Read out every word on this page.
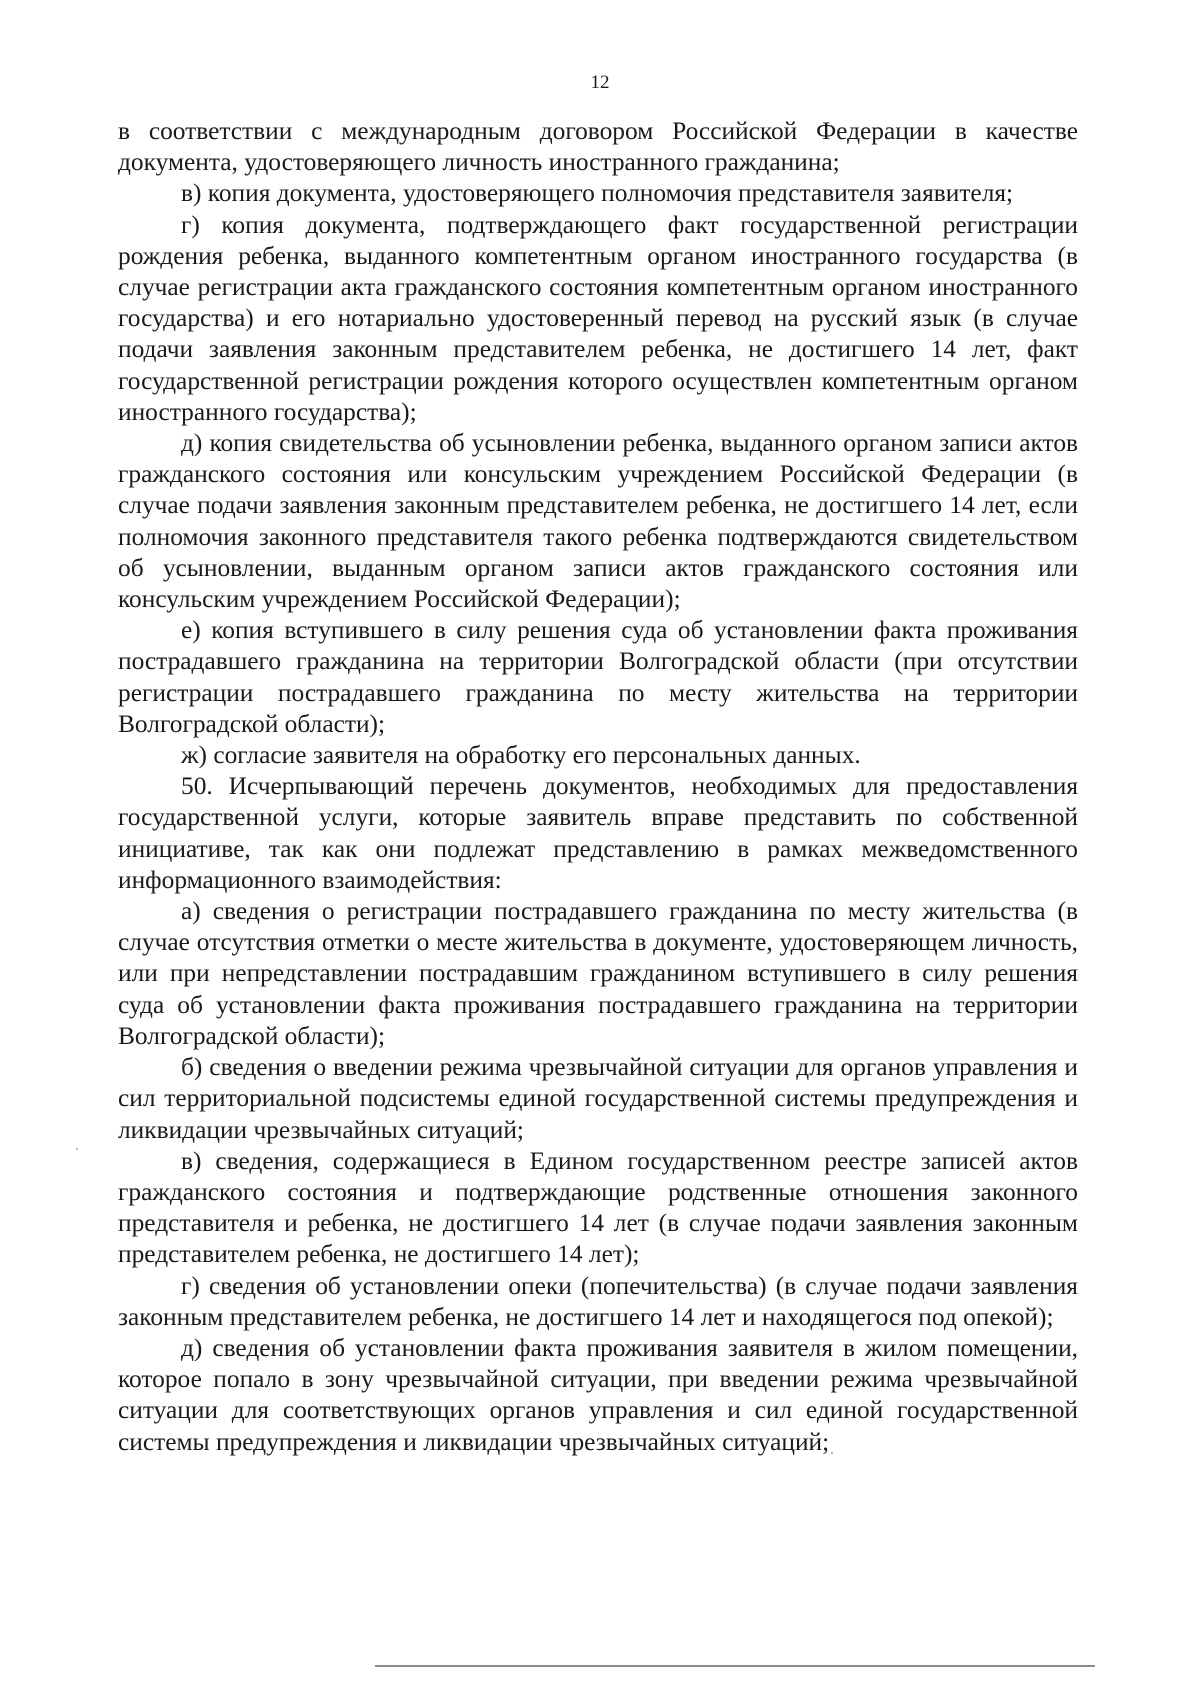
12

в соответствии с международным договором Российской Федерации в качестве документа, удостоверяющего личность иностранного гражданина;

в) копия документа, удостоверяющего полномочия представителя заявителя;

г) копия документа, подтверждающего факт государственной регистрации рождения ребенка, выданного компетентным органом иностранного государства (в случае регистрации акта гражданского состояния компетентным органом иностранного государства) и его нотариально удостоверенный перевод на русский язык (в случае подачи заявления законным представителем ребенка, не достигшего 14 лет, факт государственной регистрации рождения которого осуществлен компетентным органом иностранного государства);

д) копия свидетельства об усыновлении ребенка, выданного органом записи актов гражданского состояния или консульским учреждением Российской Федерации (в случае подачи заявления законным представителем ребенка, не достигшего 14 лет, если полномочия законного представителя такого ребенка подтверждаются свидетельством об усыновлении, выданным органом записи актов гражданского состояния или консульским учреждением Российской Федерации);

е) копия вступившего в силу решения суда об установлении факта проживания пострадавшего гражданина на территории Волгоградской области (при отсутствии регистрации пострадавшего гражданина по месту жительства на территории Волгоградской области);

ж) согласие заявителя на обработку его персональных данных.

50. Исчерпывающий перечень документов, необходимых для предоставления государственной услуги, которые заявитель вправе представить по собственной инициативе, так как они подлежат представлению в рамках межведомственного информационного взаимодействия:

а) сведения о регистрации пострадавшего гражданина по месту жительства (в случае отсутствия отметки о месте жительства в документе, удостоверяющем личность, или при непредставлении пострадавшим гражданином вступившего в силу решения суда об установлении факта проживания пострадавшего гражданина на территории Волгоградской области);

б) сведения о введении режима чрезвычайной ситуации для органов управления и сил территориальной подсистемы единой государственной системы предупреждения и ликвидации чрезвычайных ситуаций;

в) сведения, содержащиеся в Едином государственном реестре записей актов гражданского состояния и подтверждающие родственные отношения законного представителя и ребенка, не достигшего 14 лет (в случае подачи заявления законным представителем ребенка, не достигшего 14 лет);

г) сведения об установлении опеки (попечительства) (в случае подачи заявления законным представителем ребенка, не достигшего 14 лет и находящегося под опекой);

д) сведения об установлении факта проживания заявителя в жилом помещении, которое попало в зону чрезвычайной ситуации, при введении режима чрезвычайной ситуации для соответствующих органов управления и сил единой государственной системы предупреждения и ликвидации чрезвычайных ситуаций;
